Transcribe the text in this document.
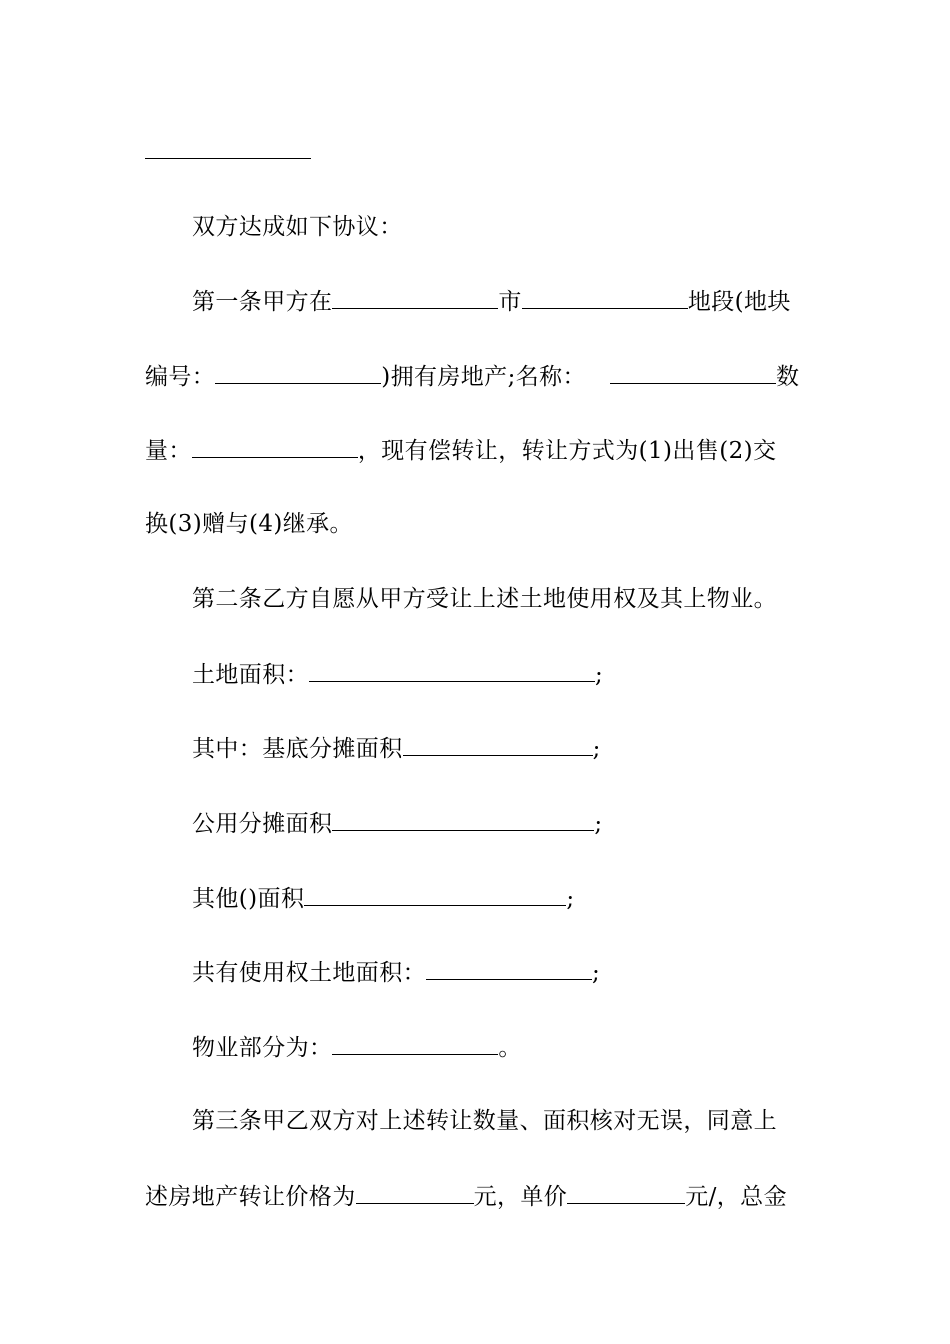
双方达成如下协议：
第一条甲方在	市	地段(地块
编号：	)拥有房地产;名称：	数
量：	，现有偿转让，转让方式为(1)出售(2)交
换(3)赠与(4)继承。
第二条乙方自愿从甲方受让上述土地使用权及其上物业。
土地面积：	;
其中：基底分摊面积	;
公用分摊面积	;
其他()面积	;
共有使用权土地面积：	;
物业部分为：	。
第三条甲乙双方对上述转让数量、面积核对无误，同意上
述房地产转让价格为	元，单价	元/，总金
